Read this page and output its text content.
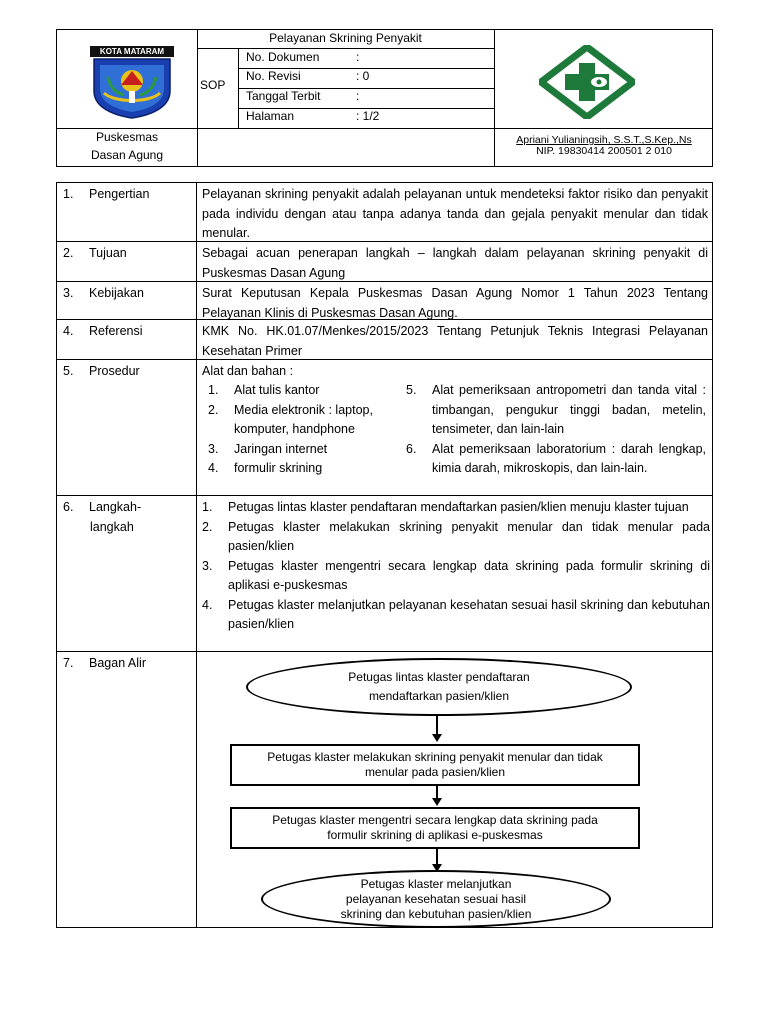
KOTA MATARAM
Puskesmas
Dasan Agung
SOP
Pelayanan Skrining Penyakit
No. Dokumen	:
No. Revisi	: 0
Tanggal Terbit	:
Halaman	: 1/2
Apriani Yulianingsih, S.S.T.,S.Kep.,Ns
NIP. 19830414 200501 2 010
1. Pengertian	Pelayanan skrining penyakit adalah pelayanan untuk mendeteksi faktor risiko dan penyakit pada individu dengan atau tanpa adanya tanda dan gejala penyakit menular dan tidak menular.
2. Tujuan	Sebagai acuan penerapan langkah – langkah dalam pelayanan skrining penyakit di Puskesmas Dasan Agung
3. Kebijakan	Surat Keputusan Kepala Puskesmas Dasan Agung Nomor 1 Tahun 2023 Tentang Pelayanan Klinis di Puskesmas Dasan Agung.
4. Referensi	KMK No. HK.01.07/Menkes/2015/2023 Tentang Petunjuk Teknis Integrasi Pelayanan Kesehatan Primer
5. Prosedur	Alat dan bahan :
1. Alat tulis kantor
2. Media elektronik : laptop, komputer, handphone
3. Jaringan internet
4. formulir skrining
5. Alat pemeriksaan antropometri dan tanda vital : timbangan, pengukur tinggi badan, metelin, tensimeter, dan lain-lain
6. Alat pemeriksaan laboratorium : darah lengkap, kimia darah, mikroskopis, dan lain-lain.
6. Langkah-
langkah
1. Petugas lintas klaster pendaftaran mendaftarkan pasien/klien menuju klaster tujuan
2. Petugas klaster melakukan skrining penyakit menular dan tidak menular pada pasien/klien
3. Petugas klaster mengentri secara lengkap data skrining pada formulir skrining di aplikasi e-puskesmas
4. Petugas klaster melanjutkan pelayanan kesehatan sesuai hasil skrining dan kebutuhan pasien/klien
7. Bagan Alir
Petugas lintas klaster pendaftaran
mendaftarkan pasien/klien
Petugas klaster melakukan skrining penyakit menular dan tidak
menular pada pasien/klien
Petugas klaster mengentri secara lengkap data skrining pada
formulir skrining di aplikasi e-puskesmas
Petugas klaster melanjutkan
pelayanan kesehatan sesuai hasil
skrining dan kebutuhan pasien/klien
